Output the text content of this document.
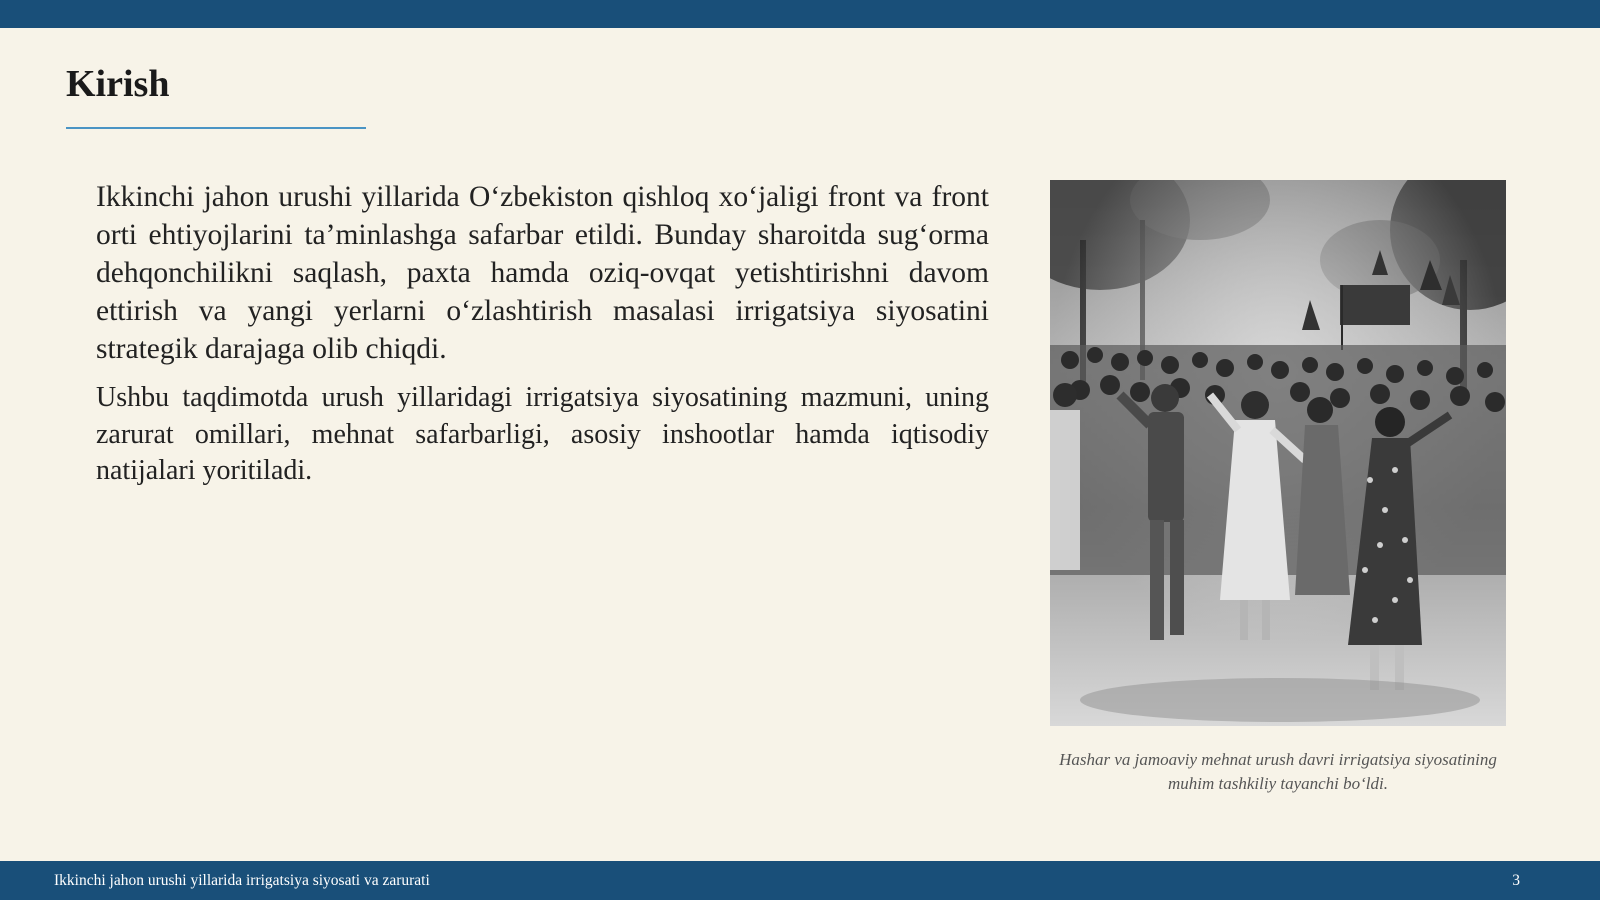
Kirish

Ikkinchi jahon urushi yillarida O‘zbekiston qishloq xo‘jaligi front va front orti ehtiyojlarini ta’minlashga safarbar etildi. Bunday sharoitda sug‘orma dehqonchilikni saqlash, paxta hamda oziq-ovqat yetishtirishni davom ettirish va yangi yerlarni o‘zlashtirish masalasi irrigatsiya siyosatini strategik darajaga olib chiqdi.

Ushbu taqdimotda urush yillaridagi irrigatsiya siyosatining mazmuni, uning zarurat omillari, mehnat safarbarligi, asosiy inshootlar hamda iqtisodiy natijalari yoritiladi.

Hashar va jamoaviy mehnat urush davri irrigatsiya siyosatining muhim tashkiliy tayanchi bo‘ldi.
Ikkinchi jahon urushi yillarida irrigatsiya siyosati va zarurati	3
